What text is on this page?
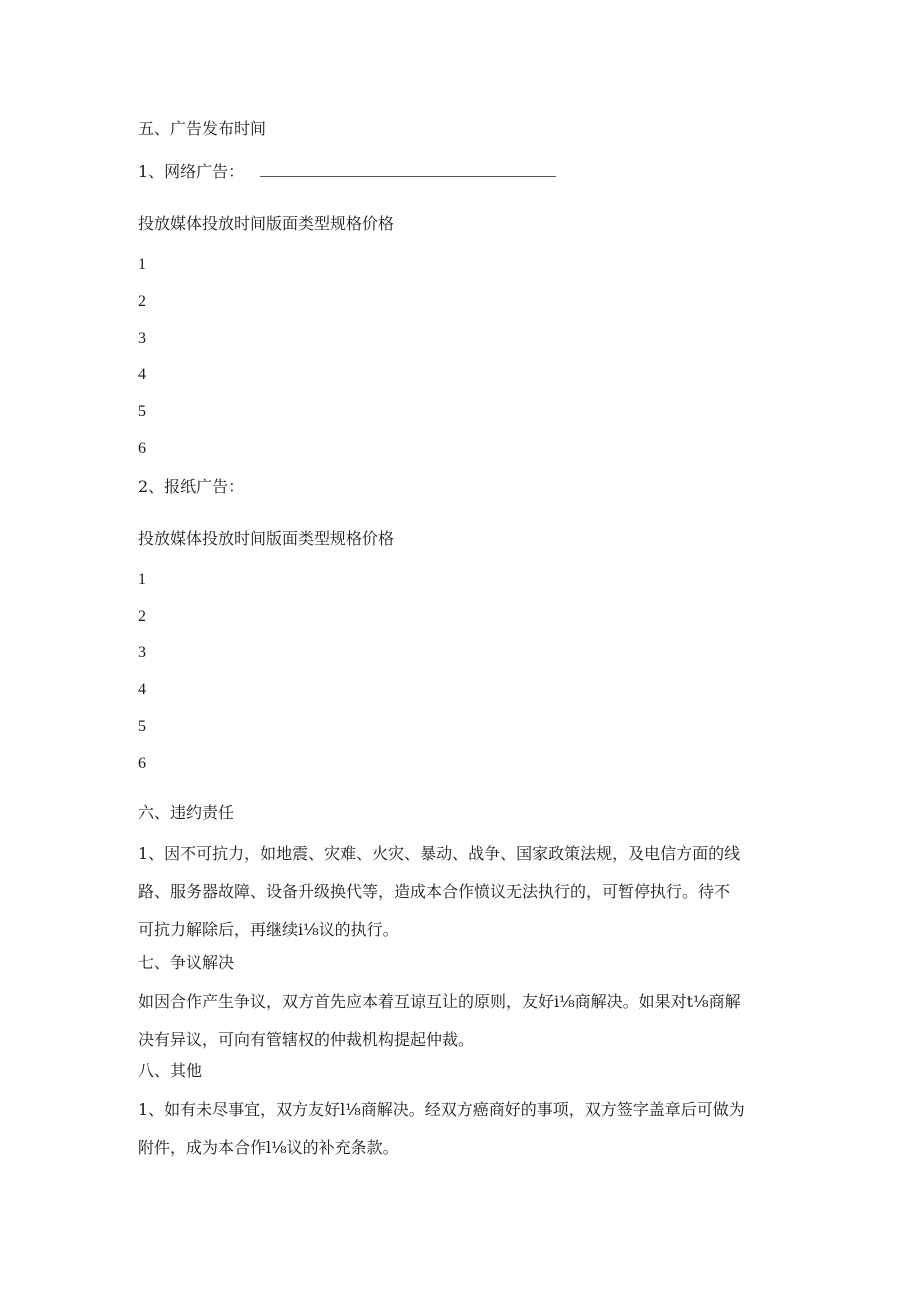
五、广告发布时间
1、网络广告：
投放媒体投放时间版面类型规格价格
1
2
3
4
5
6
2、报纸广告：
投放媒体投放时间版面类型规格价格
1
2
3
4
5
6
六、违约责任
1、因不可抗力，如地震、灾难、火灾、暴动、战争、国家政策法规，及电信方面的线
路、服务器故障、设备升级换代等，造成本合作愤议无法执行的，可暂停执行。待不
可抗力解除后，再继续i⅛议的执行。
七、争议解决
如因合作产生争议，双方首先应本着互谅互让的原则，友好i⅛商解决。如果对t⅛商解
决有异议，可向有管辖权的仲裁机构提起仲裁。
八、其他
1、如有未尽事宜，双方友好l⅛商解决。经双方癌商好的事项，双方签字盖章后可做为
附件，成为本合作l⅛议的补充条款。
